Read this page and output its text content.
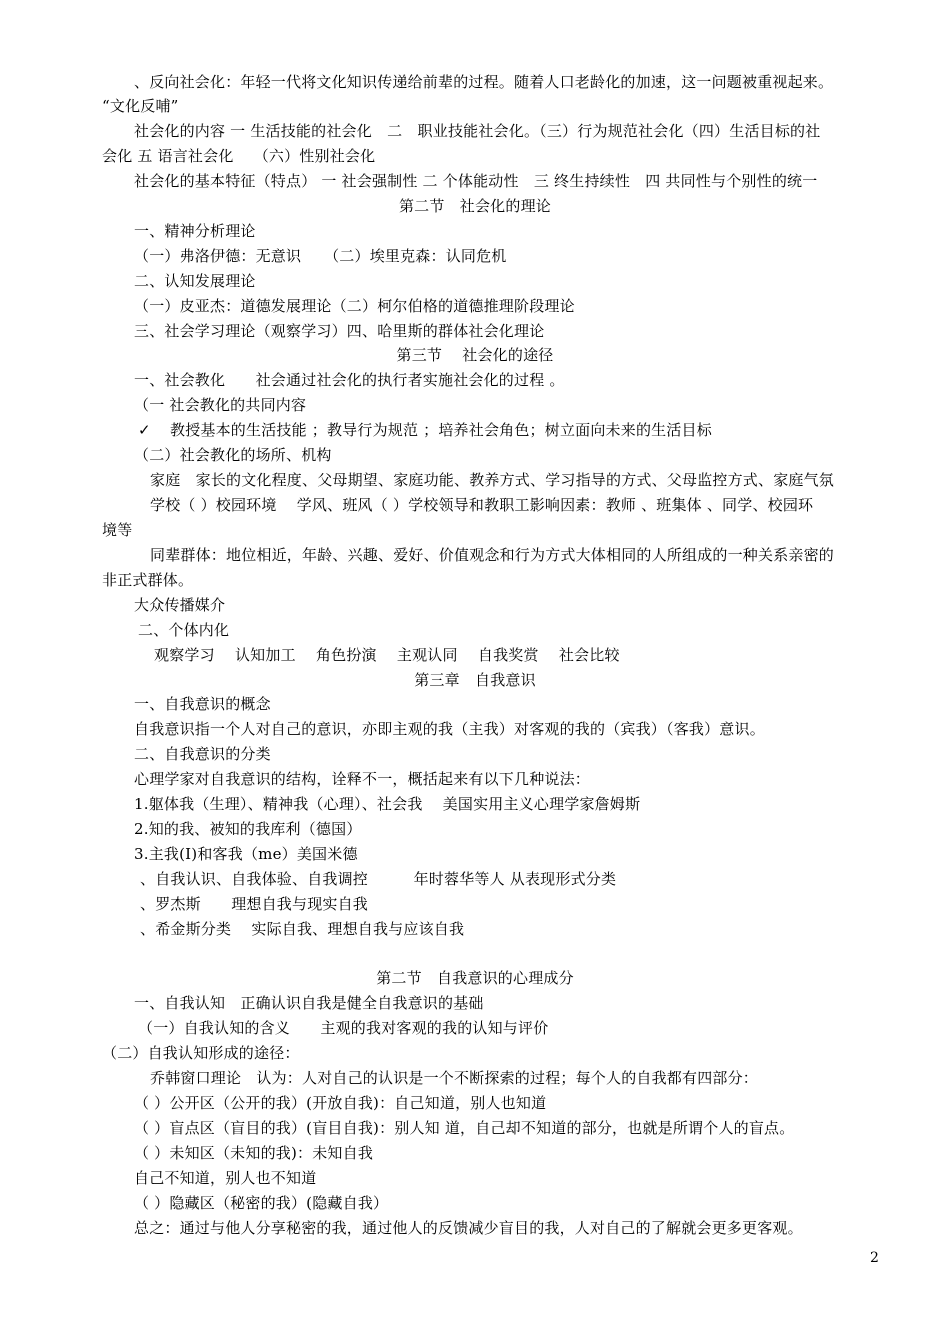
、反向社会化：年轻一代将文化知识传递给前辈的过程。随着人口老龄化的加速，这一问题被重视起来。
“文化反哺”
社会化的内容 一 生活技能的社会化　二　职业技能社会化。（三）行为规范社会化（四）生活目标的社
会化 五 语言社会化　 （六）性别社会化
社会化的基本特征（特点） 一 社会强制性 二 个体能动性　三 终生持续性　四 共同性与个别性的统一
第二节　社会化的理论
一、精神分析理论
（一）弗洛伊德：无意识　　（二）埃里克森：认同危机
二、认知发展理论
（一）皮亚杰：道德发展理论（二）柯尔伯格的道德推理阶段理论
三、社会学习理论（观察学习）四、哈里斯的群体社会化理论
第三节　 社会化的途径
一、社会教化　　社会通过社会化的执行者实施社会化的过程 。
（一 社会教化的共同内容
✓	教授基本的生活技能 ；教导行为规范 ；培养社会角色；树立面向未来的生活目标
（二）社会教化的场所、机构
家庭　家长的文化程度、父母期望、家庭功能、教养方式、学习指导的方式、父母监控方式、家庭气氛
学校（ ）校园环境　 学风、班风（ ）学校领导和教职工影响因素：教师 、班集体 、同学、校园环
境等
同辈群体：地位相近，年龄、兴趣、爱好、价值观念和行为方式大体相同的人所组成的一种关系亲密的
非正式群体。
大众传播媒介
二、个体内化
观察学习　 认知加工　 角色扮演　 主观认同　 自我奖赏　 社会比较
第三章　自我意识
一、自我意识的概念
自我意识指一个人对自己的意识，亦即主观的我（主我）对客观的我的（宾我）（客我）意识。
二、自我意识的分类
心理学家对自我意识的结构，诠释不一，概括起来有以下几种说法：
1.躯体我（生理）、精神我（心理）、社会我　 美国实用主义心理学家詹姆斯
2.知的我、被知的我库利（德国）
3.主我(I)和客我（me）美国米德
、自我认识、自我体验、自我调控　　　年时蓉华等人 从表现形式分类
、罗杰斯　　理想自我与现实自我
、希金斯分类　 实际自我、理想自我与应该自我
第二节　自我意识的心理成分
一、自我认知　正确认识自我是健全自我意识的基础
（一）自我认知的含义　　主观的我对客观的我的认知与评价
（二）自我认知形成的途径：
乔韩窗口理论　认为：人对自己的认识是一个不断探索的过程；每个人的自我都有四部分：
（ ）公开区（公开的我）(开放自我)：自己知道，别人也知道
（ ）盲点区（盲目的我）(盲目自我)：别人知 道，自己却不知道的部分，也就是所谓个人的盲点。
（ ）未知区（未知的我)：未知自我
自己不知道，别人也不知道
（ ）隐藏区（秘密的我）(隐藏自我）
总之：通过与他人分享秘密的我，通过他人的反馈减少盲目的我，人对自己的了解就会更多更客观。
2
